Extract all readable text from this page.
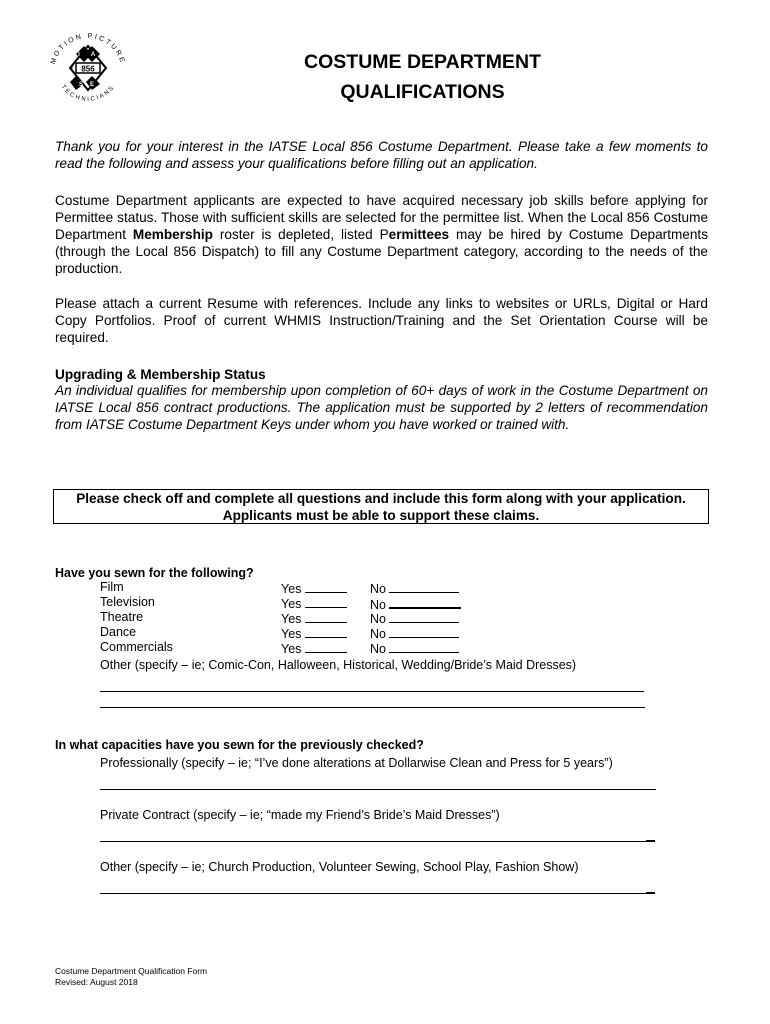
MOTION PICTURE
TECHNICIANS
856
I A
T
S E
COSTUME DEPARTMENT
QUALIFICATIONS
Thank you for your interest in the IATSE Local 856 Costume Department. Please take a few moments to read the following and assess your qualifications before filling out an application.
Costume Department applicants are expected to have acquired necessary job skills before applying for Permittee status. Those with sufficient skills are selected for the permittee list. When the Local 856 Costume Department Membership roster is depleted, listed Permittees may be hired by Costume Departments (through the Local 856 Dispatch) to fill any Costume Department category, according to the needs of the production.
Please attach a current Resume with references. Include any links to websites or URLs, Digital or Hard Copy Portfolios. Proof of current WHMIS Instruction/Training and the Set Orientation Course will be required.
Upgrading & Membership Status
An individual qualifies for membership upon completion of 60+ days of work in the Costume Department on IATSE Local 856 contract productions. The application must be supported by 2 letters of recommendation from IATSE Costume Department Keys under whom you have worked or trained with.
Please check off and complete all questions and include this form along with your application.
Applicants must be able to support these claims.
Have you sewn for the following?
Film	Yes	No
Television	Yes	No
Theatre	Yes	No
Dance	Yes	No
Commercials	Yes	No
Other (specify – ie; Comic-Con, Halloween, Historical, Wedding/Bride’s Maid Dresses)
In what capacities have you sewn for the previously checked?
Professionally (specify – ie; “I’ve done alterations at Dollarwise Clean and Press for 5 years”)
Private Contract (specify – ie; “made my Friend’s Bride’s Maid Dresses”)
Other (specify – ie; Church Production, Volunteer Sewing, School Play, Fashion Show)
Costume Department Qualification Form
Revised: August 2018
